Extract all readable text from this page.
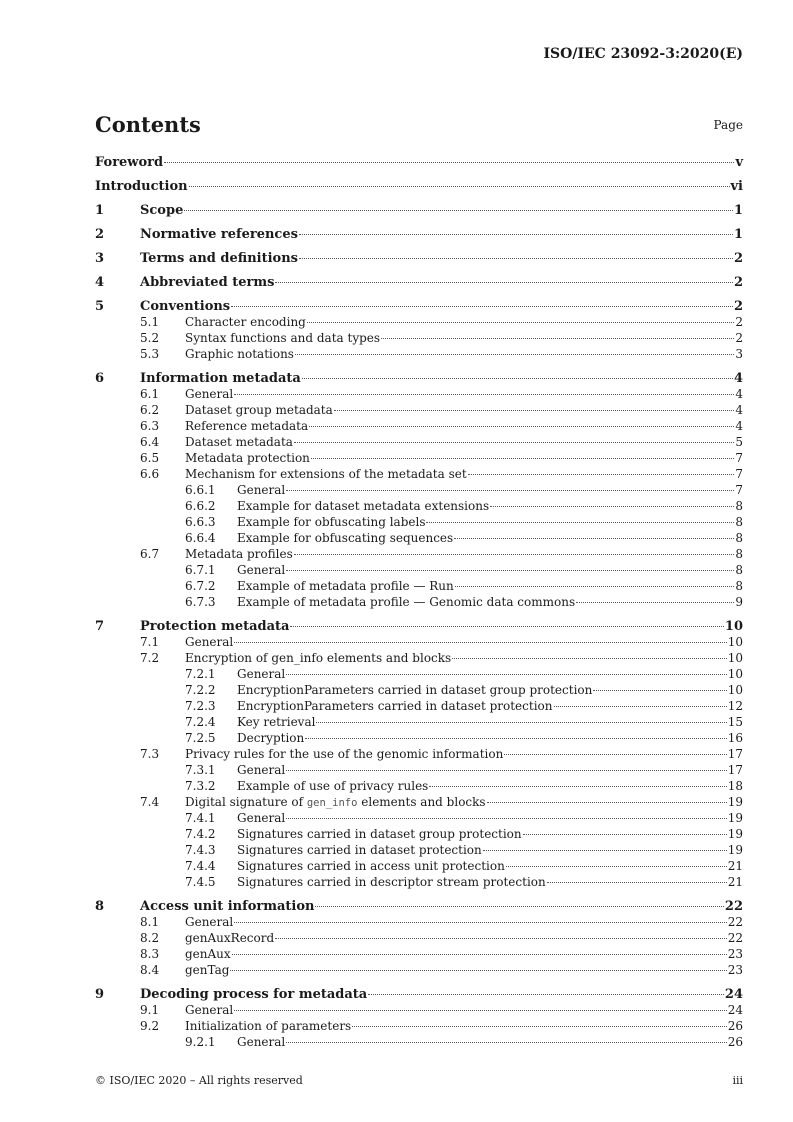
ISO/IEC 23092-3:2020(E)
Contents	Page
Foreword	v
Introduction	vi
1	Scope	1
2	Normative references	1
3	Terms and definitions	2
4	Abbreviated terms	2
5	Conventions	2
5.1	Character encoding	2
5.2	Syntax functions and data types	2
5.3	Graphic notations	3
6	Information metadata	4
6.1	General	4
6.2	Dataset group metadata	4
6.3	Reference metadata	4
6.4	Dataset metadata	5
6.5	Metadata protection	7
6.6	Mechanism for extensions of the metadata set	7
6.6.1	General	7
6.6.2	Example for dataset metadata extensions	8
6.6.3	Example for obfuscating labels	8
6.6.4	Example for obfuscating sequences	8
6.7	Metadata profiles	8
6.7.1	General	8
6.7.2	Example of metadata profile — Run	8
6.7.3	Example of metadata profile — Genomic data commons	9
7	Protection metadata	10
7.1	General	10
7.2	Encryption of gen_info elements and blocks	10
7.2.1	General	10
7.2.2	EncryptionParameters carried in dataset group protection	10
7.2.3	EncryptionParameters carried in dataset protection	12
7.2.4	Key retrieval	15
7.2.5	Decryption	16
7.3	Privacy rules for the use of the genomic information	17
7.3.1	General	17
7.3.2	Example of use of privacy rules	18
7.4	Digital signature of gen_info elements and blocks	19
7.4.1	General	19
7.4.2	Signatures carried in dataset group protection	19
7.4.3	Signatures carried in dataset protection	19
7.4.4	Signatures carried in access unit protection	21
7.4.5	Signatures carried in descriptor stream protection	21
8	Access unit information	22
8.1	General	22
8.2	genAuxRecord	22
8.3	genAux	23
8.4	genTag	23
9	Decoding process for metadata	24
9.1	General	24
9.2	Initialization of parameters	26
9.2.1	General	26
© ISO/IEC 2020 – All rights reserved	iii
